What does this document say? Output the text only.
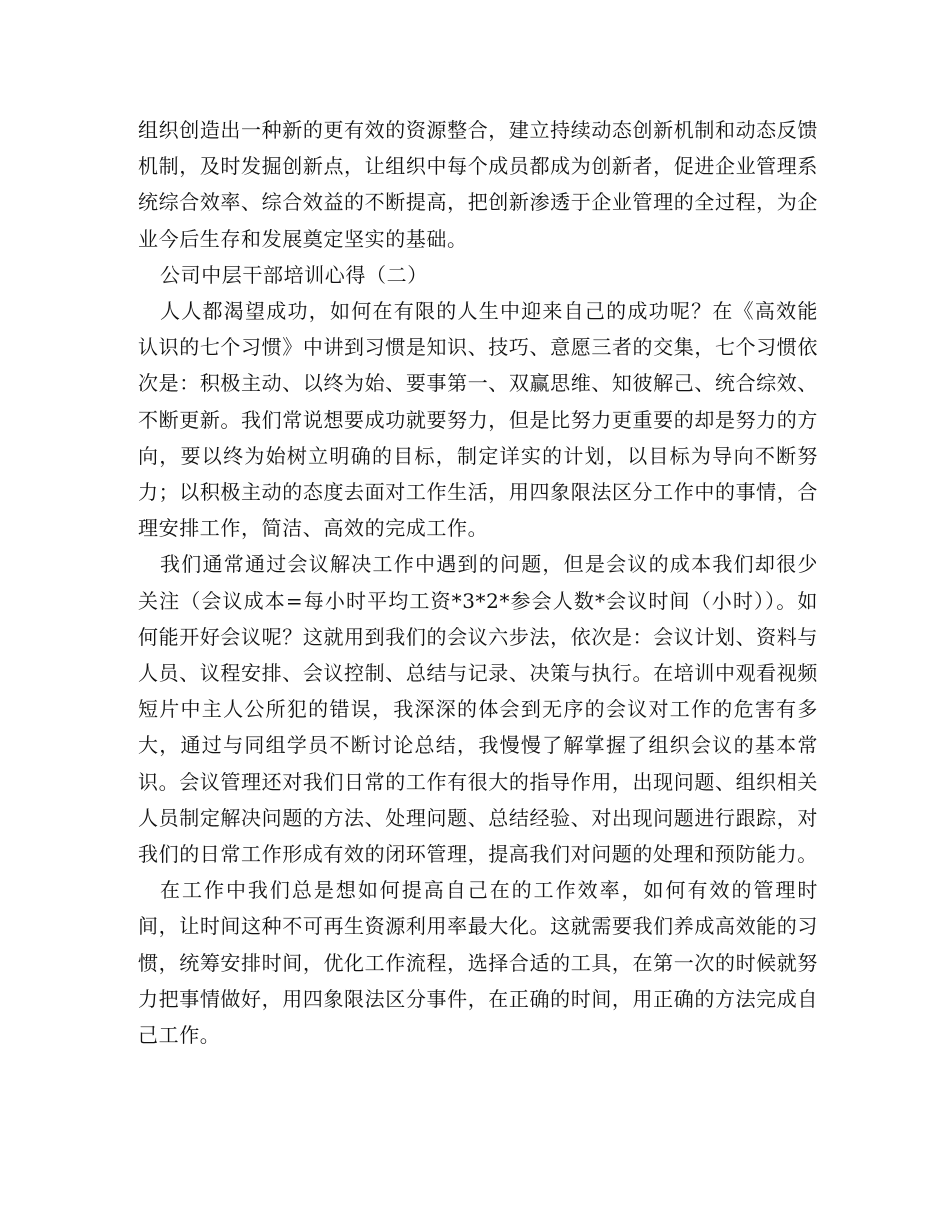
组织创造出一种新的更有效的资源整合，建立持续动态创新机制和动态反馈机制，及时发掘创新点，让组织中每个成员都成为创新者，促进企业管理系统综合效率、综合效益的不断提高，把创新渗透于企业管理的全过程，为企业今后生存和发展奠定坚实的基础。

公司中层干部培训心得（二）

人人都渴望成功，如何在有限的人生中迎来自己的成功呢？在《高效能认识的七个习惯》中讲到习惯是知识、技巧、意愿三者的交集，七个习惯依次是：积极主动、以终为始、要事第一、双赢思维、知彼解己、统合综效、不断更新。我们常说想要成功就要努力，但是比努力更重要的却是努力的方向，要以终为始树立明确的目标，制定详实的计划，以目标为导向不断努力；以积极主动的态度去面对工作生活，用四象限法区分工作中的事情，合理安排工作，简洁、高效的完成工作。

我们通常通过会议解决工作中遇到的问题，但是会议的成本我们却很少关注（会议成本=每小时平均工资*3*2*参会人数*会议时间（小时））。如何能开好会议呢？这就用到我们的会议六步法，依次是：会议计划、资料与人员、议程安排、会议控制、总结与记录、决策与执行。在培训中观看视频短片中主人公所犯的错误，我深深的体会到无序的会议对工作的危害有多大，通过与同组学员不断讨论总结，我慢慢了解掌握了组织会议的基本常识。会议管理还对我们日常的工作有很大的指导作用，出现问题、组织相关人员制定解决问题的方法、处理问题、总结经验、对出现问题进行跟踪，对我们的日常工作形成有效的闭环管理，提高我们对问题的处理和预防能力。

在工作中我们总是想如何提高自己在的工作效率，如何有效的管理时间，让时间这种不可再生资源利用率最大化。这就需要我们养成高效能的习惯，统筹安排时间，优化工作流程，选择合适的工具，在第一次的时候就努力把事情做好，用四象限法区分事件，在正确的时间，用正确的方法完成自己工作。
